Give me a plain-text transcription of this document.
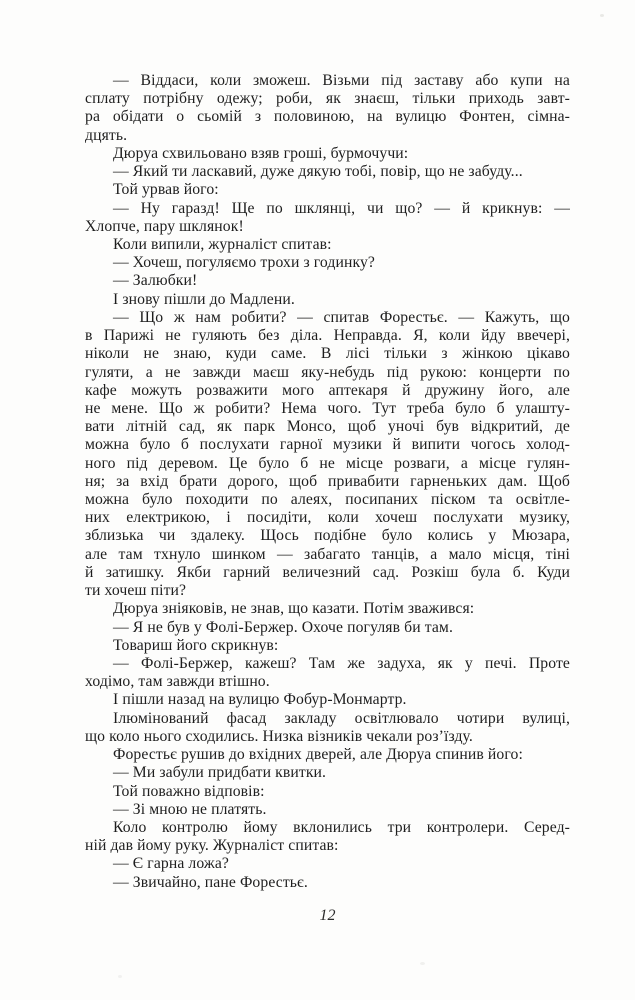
— Віддаси, коли зможеш. Візьми під заставу або купи на
сплату потрібну одежу; роби, як знаєш, тільки приходь завт-
ра обідати о сьомій з половиною, на вулицю Фонтен, сімна-
дцять.
Дюруа схвильовано взяв гроші, бурмочучи:
— Який ти ласкавий, дуже дякую тобі, повір, що не забуду...
Той урвав його:
— Ну гаразд! Ще по шклянці, чи що? — й крикнув: —
Хлопче, пару шклянок!
Коли випили, журналіст спитав:
— Хочеш, погуляємо трохи з годинку?
— Залюбки!
І знову пішли до Мадлени.
— Що ж нам робити? — спитав Форестьє. — Кажуть, що
в Парижі не гуляють без діла. Неправда. Я, коли йду ввечері,
ніколи не знаю, куди саме. В лісі тільки з жінкою цікаво
гуляти, а не завжди маєш яку-небудь під рукою: концерти по
кафе можуть розважити мого аптекаря й дружину його, але
не мене. Що ж робити? Нема чого. Тут треба було б улашту-
вати літній сад, як парк Монсо, щоб уночі був відкритий, де
можна було б послухати гарної музики й випити чогось холод-
ного під деревом. Це було б не місце розваги, а місце гулян-
ня; за вхід брати дорого, щоб привабити гарненьких дам. Щоб
можна було походити по алеях, посипаних піском та освітле-
них електрикою, і посидіти, коли хочеш послухати музику,
зблизька чи здалеку. Щось подібне було колись у Мюзара,
але там тхнуло шинком — забагато танців, а мало місця, тіні
й затишку. Якби гарний величезний сад. Розкіш була б. Куди
ти хочеш піти?
Дюруа зніяковів, не знав, що казати. Потім зважився:
— Я не був у Фолі-Бержер. Охоче погуляв би там.
Товариш його скрикнув:
— Фолі-Бержер, кажеш? Там же задуха, як у печі. Проте
ходімо, там завжди втішно.
І пішли назад на вулицю Фобур-Монмартр.
Ілюмінований фасад закладу освітлювало чотири вулиці,
що коло нього сходились. Низка візників чекали роз’їзду.
Форестьє рушив до вхідних дверей, але Дюруа спинив його:
— Ми забули придбати квитки.
Той поважно відповів:
— Зі мною не платять.
Коло контролю йому вклонились три контролери. Серед-
ній дав йому руку. Журналіст спитав:
— Є гарна ложа?
— Звичайно, пане Форестьє.
12
